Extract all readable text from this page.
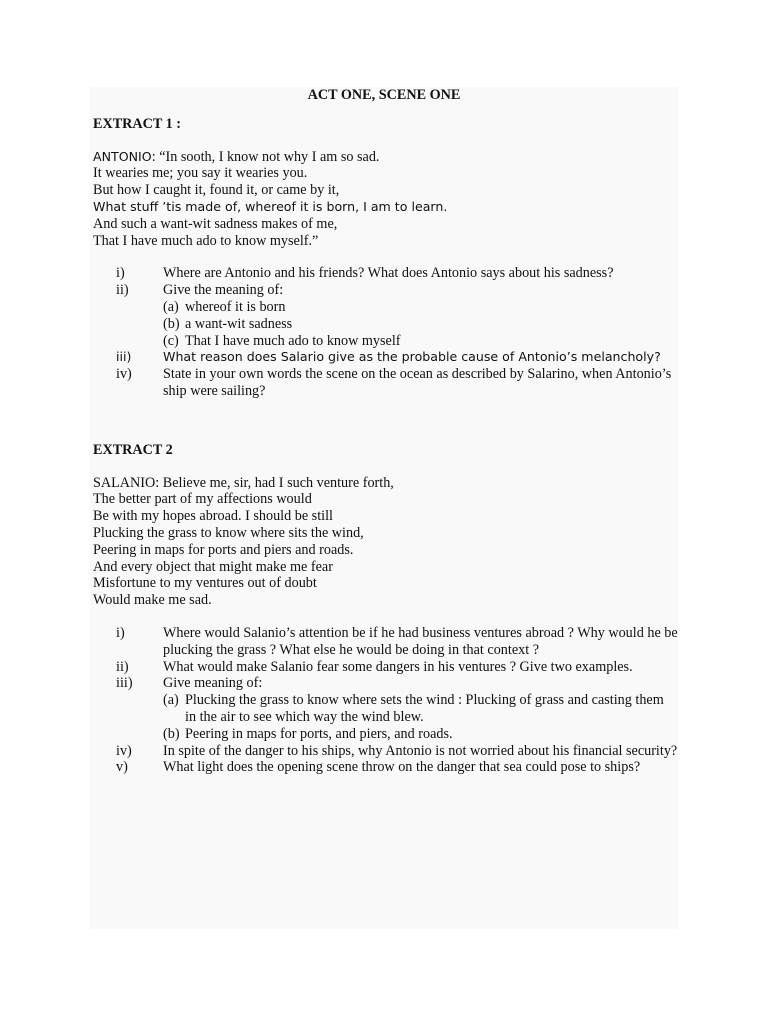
ACT ONE, SCENE ONE
EXTRACT 1 :

ANTONIO: “In sooth, I know not why I am so sad.

It wearies me; you say it wearies you.

But how I caught it, found it, or came by it,

What stuff ’tis made of, whereof it is born, I am to learn.

And such a want-wit sadness makes of me,

That I have much ado to know myself.”

i)	Where are Antonio and his friends? What does Antonio says about his sadness?
ii)	Give the meaning of:
(a) whereof it is born
(b) a want-wit sadness
(c) That I have much ado to know myself
iii)	What reason does Salario give as the probable cause of Antonio’s melancholy?
iv)	State in your own words the scene on the ocean as described by Salarino, when Antonio’s ship were sailing?
EXTRACT 2

SALANIO: Believe me, sir, had I such venture forth,

The better part of my affections would

Be with my hopes abroad. I should be still

Plucking the grass to know where sits the wind,

Peering in maps for ports and piers and roads.

And every object that might make me fear

Misfortune to my ventures out of doubt

Would make me sad.

i)	Where would Salanio’s attention be if he had business ventures abroad ? Why would he be plucking the grass ? What else he would be doing in that context ?
ii)	What would make Salanio fear some dangers in his ventures ? Give two examples.
iii)	Give meaning of:
(a) Plucking the grass to know where sets the wind : Plucking of grass and casting them in the air to see which way the wind blew.
(b) Peering in maps for ports, and piers, and roads.
iv)	In spite of the danger to his ships, why Antonio is not worried about his financial security?
v)	What light does the opening scene throw on the danger that sea could pose to ships?
